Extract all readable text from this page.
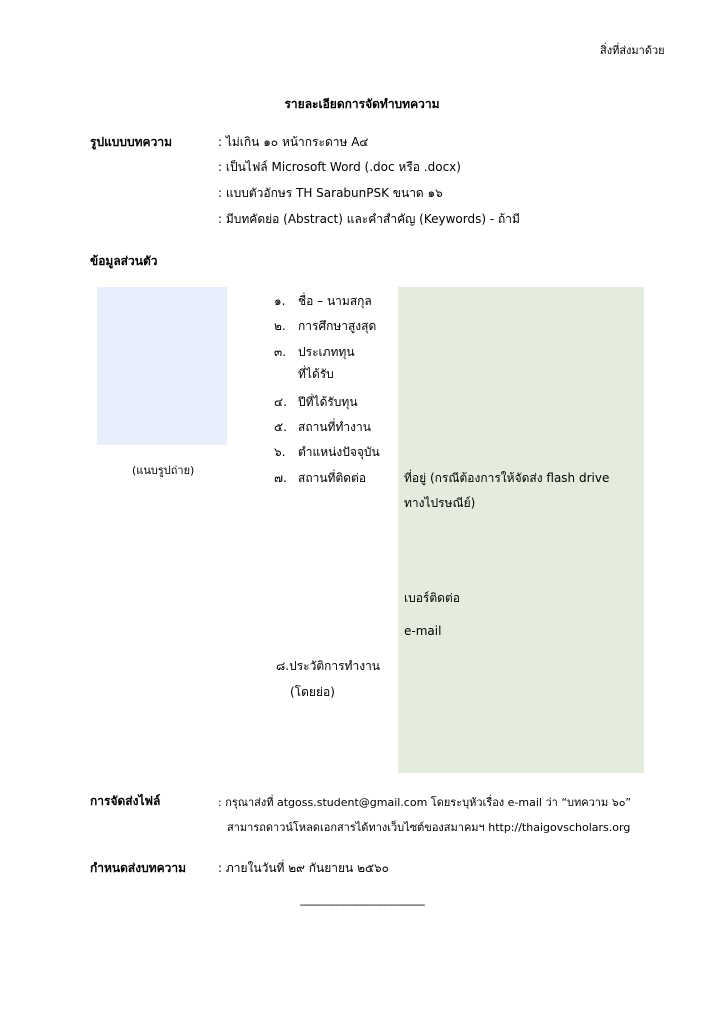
สิ่งที่ส่งมาด้วย
รายละเอียดการจัดทำบทความ
รูปแบบบทความ	: ไม่เกิน ๑๐ หน้ากระดาษ A๔
: เป็นไฟล์ Microsoft Word (.doc หรือ .docx)
: แบบตัวอักษร TH SarabunPSK ขนาด ๑๖
: มีบทคัดย่อ (Abstract) และคำสำคัญ (Keywords) - ถ้ามี
ข้อมูลส่วนตัว
(แนบรูปถ่าย)
๑.	ชื่อ – นามสกุล
๒.	การศึกษาสูงสุด
๓. ประเภททุน
ที่ได้รับ
๔. ปีที่ได้รับทุน
๕. สถานที่ทำงาน
๖.	ตำแหน่งปัจจุบัน
๗. สถานที่ติดต่อ	ที่อยู่ (กรณีต้องการให้จัดส่ง flash drive
ทางไปรษณีย์)
เบอร์ติดต่อ
e-mail
๘.ประวัติการทำงาน
(โดยย่อ)
การจัดส่งไฟล์	: กรุณาส่งที่ atgoss.student@gmail.com โดยระบุหัวเรื่อง e-mail ว่า “บทความ ๖๐”
สามารถดาวน์โหลดเอกสารได้ทางเว็บไซต์ของสมาคมฯ http://thaigovscholars.org
กำหนดส่งบทความ	: ภายในวันที่ ๒๙ กันยายน ๒๕๖๐
------------------------------------------
